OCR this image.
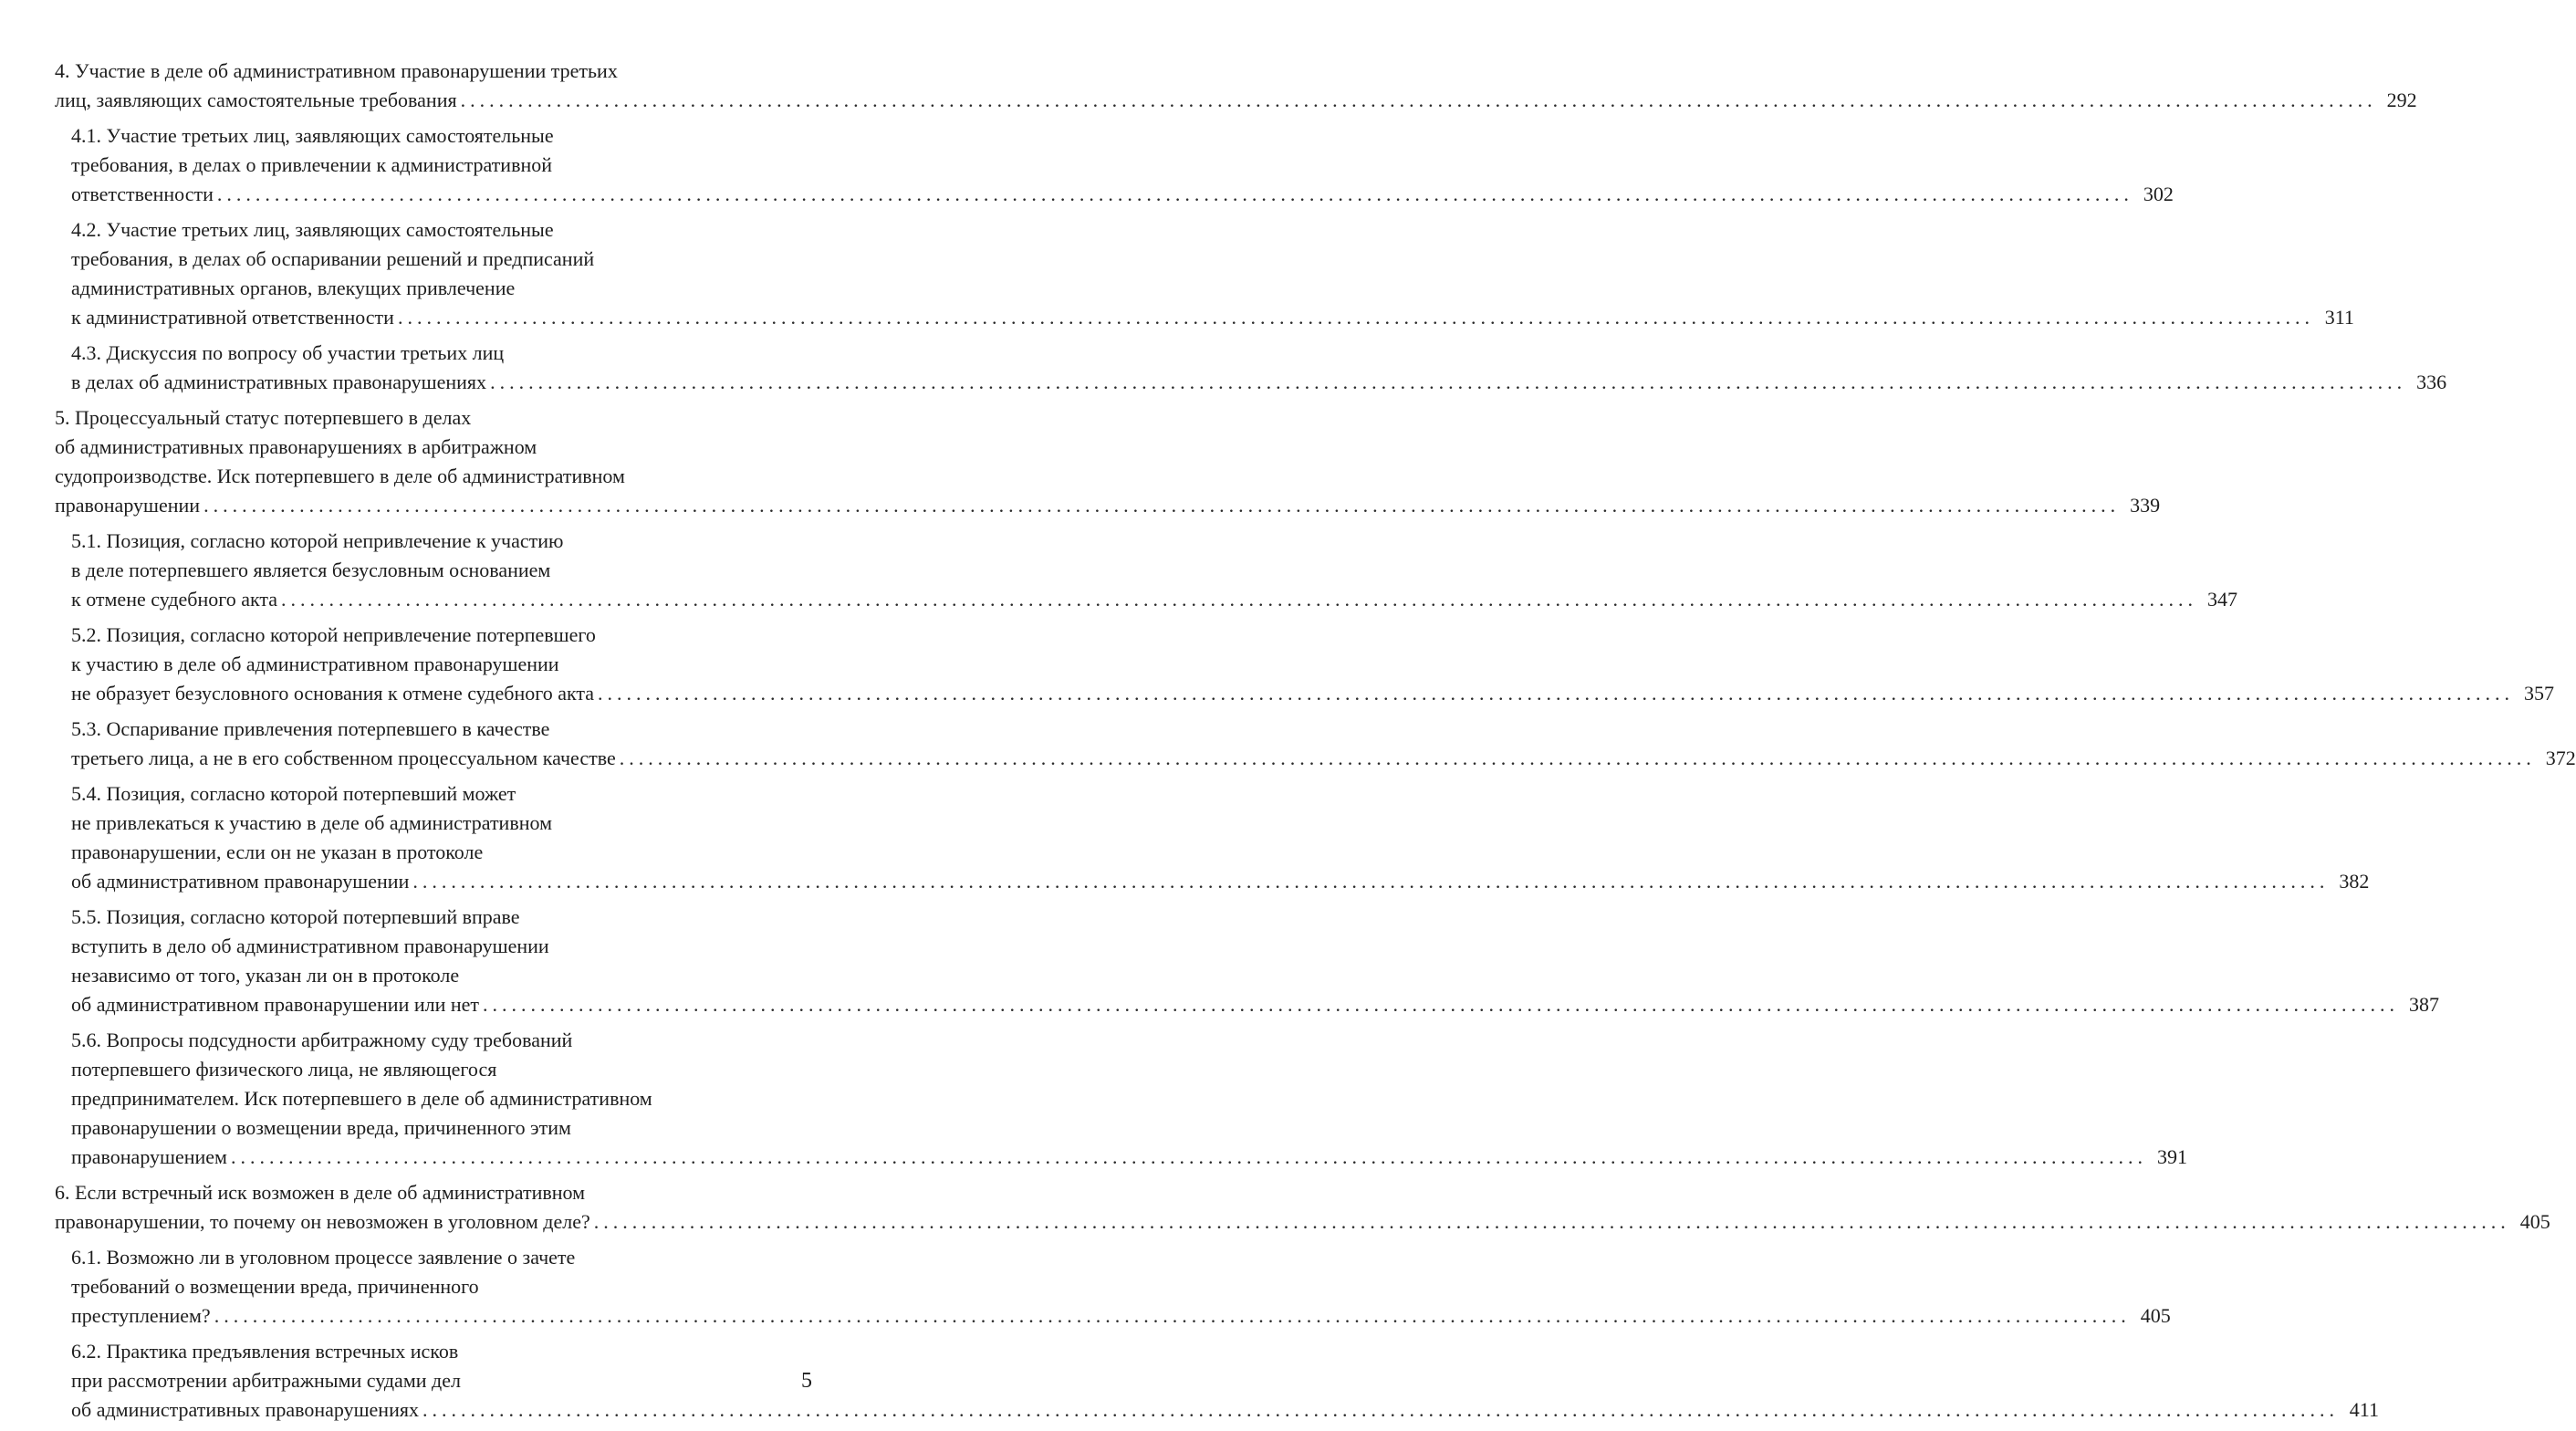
4. Участие в деле об административном правонарушении третьих
лиц, заявляющих самостоятельные требования ........................................................................................................................................................................................................ 292
4.1. Участие третьих лиц, заявляющих самостоятельные
требования, в делах о привлечении к административной
ответственности ........................................................................................................................................................................................................ 302
4.2. Участие третьих лиц, заявляющих самостоятельные
требования, в делах об оспаривании решений и предписаний
административных органов, влекущих привлечение
к административной ответственности ........................................................................................................................................................................................................ 311
4.3. Дискуссия по вопросу об участии третьих лиц
в делах об административных правонарушениях ........................................................................................................................................................................................................ 336
5. Процессуальный статус потерпевшего в делах
об административных правонарушениях в арбитражном
судопроизводстве. Иск потерпевшего в деле об административном
правонарушении ........................................................................................................................................................................................................ 339
5.1. Позиция, согласно которой непривлечение к участию
в деле потерпевшего является безусловным основанием
к отмене судебного акта ........................................................................................................................................................................................................ 347
5.2. Позиция, согласно которой непривлечение потерпевшего
к участию в деле об административном правонарушении
не образует безусловного основания к отмене судебного акта ........................................................................................................................................................................................................ 357
5.3. Оспаривание привлечения потерпевшего в качестве
третьего лица, а не в его собственном процессуальном качестве ........................................................................................................................................................................................................ 372
5.4. Позиция, согласно которой потерпевший может
не привлекаться к участию в деле об административном
правонарушении, если он не указан в протоколе
об административном правонарушении ........................................................................................................................................................................................................ 382
5.5. Позиция, согласно которой потерпевший вправе
вступить в дело об административном правонарушении
независимо от того, указан ли он в протоколе
об административном правонарушении или нет ........................................................................................................................................................................................................ 387
5.6. Вопросы подсудности арбитражному суду требований
потерпевшего физического лица, не являющегося
предпринимателем. Иск потерпевшего в деле об административном
правонарушении о возмещении вреда, причиненного этим
правонарушением ........................................................................................................................................................................................................ 391
6. Если встречный иск возможен в деле об административном
правонарушении, то почему он невозможен в уголовном деле? ........................................................................................................................................................................................................ 405
6.1. Возможно ли в уголовном процессе заявление о зачете
требований о возмещении вреда, причиненного
преступлением? ........................................................................................................................................................................................................ 405
6.2. Практика предъявления встречных исков
при рассмотрении арбитражными судами дел
об административных правонарушениях ........................................................................................................................................................................................................ 411
5
